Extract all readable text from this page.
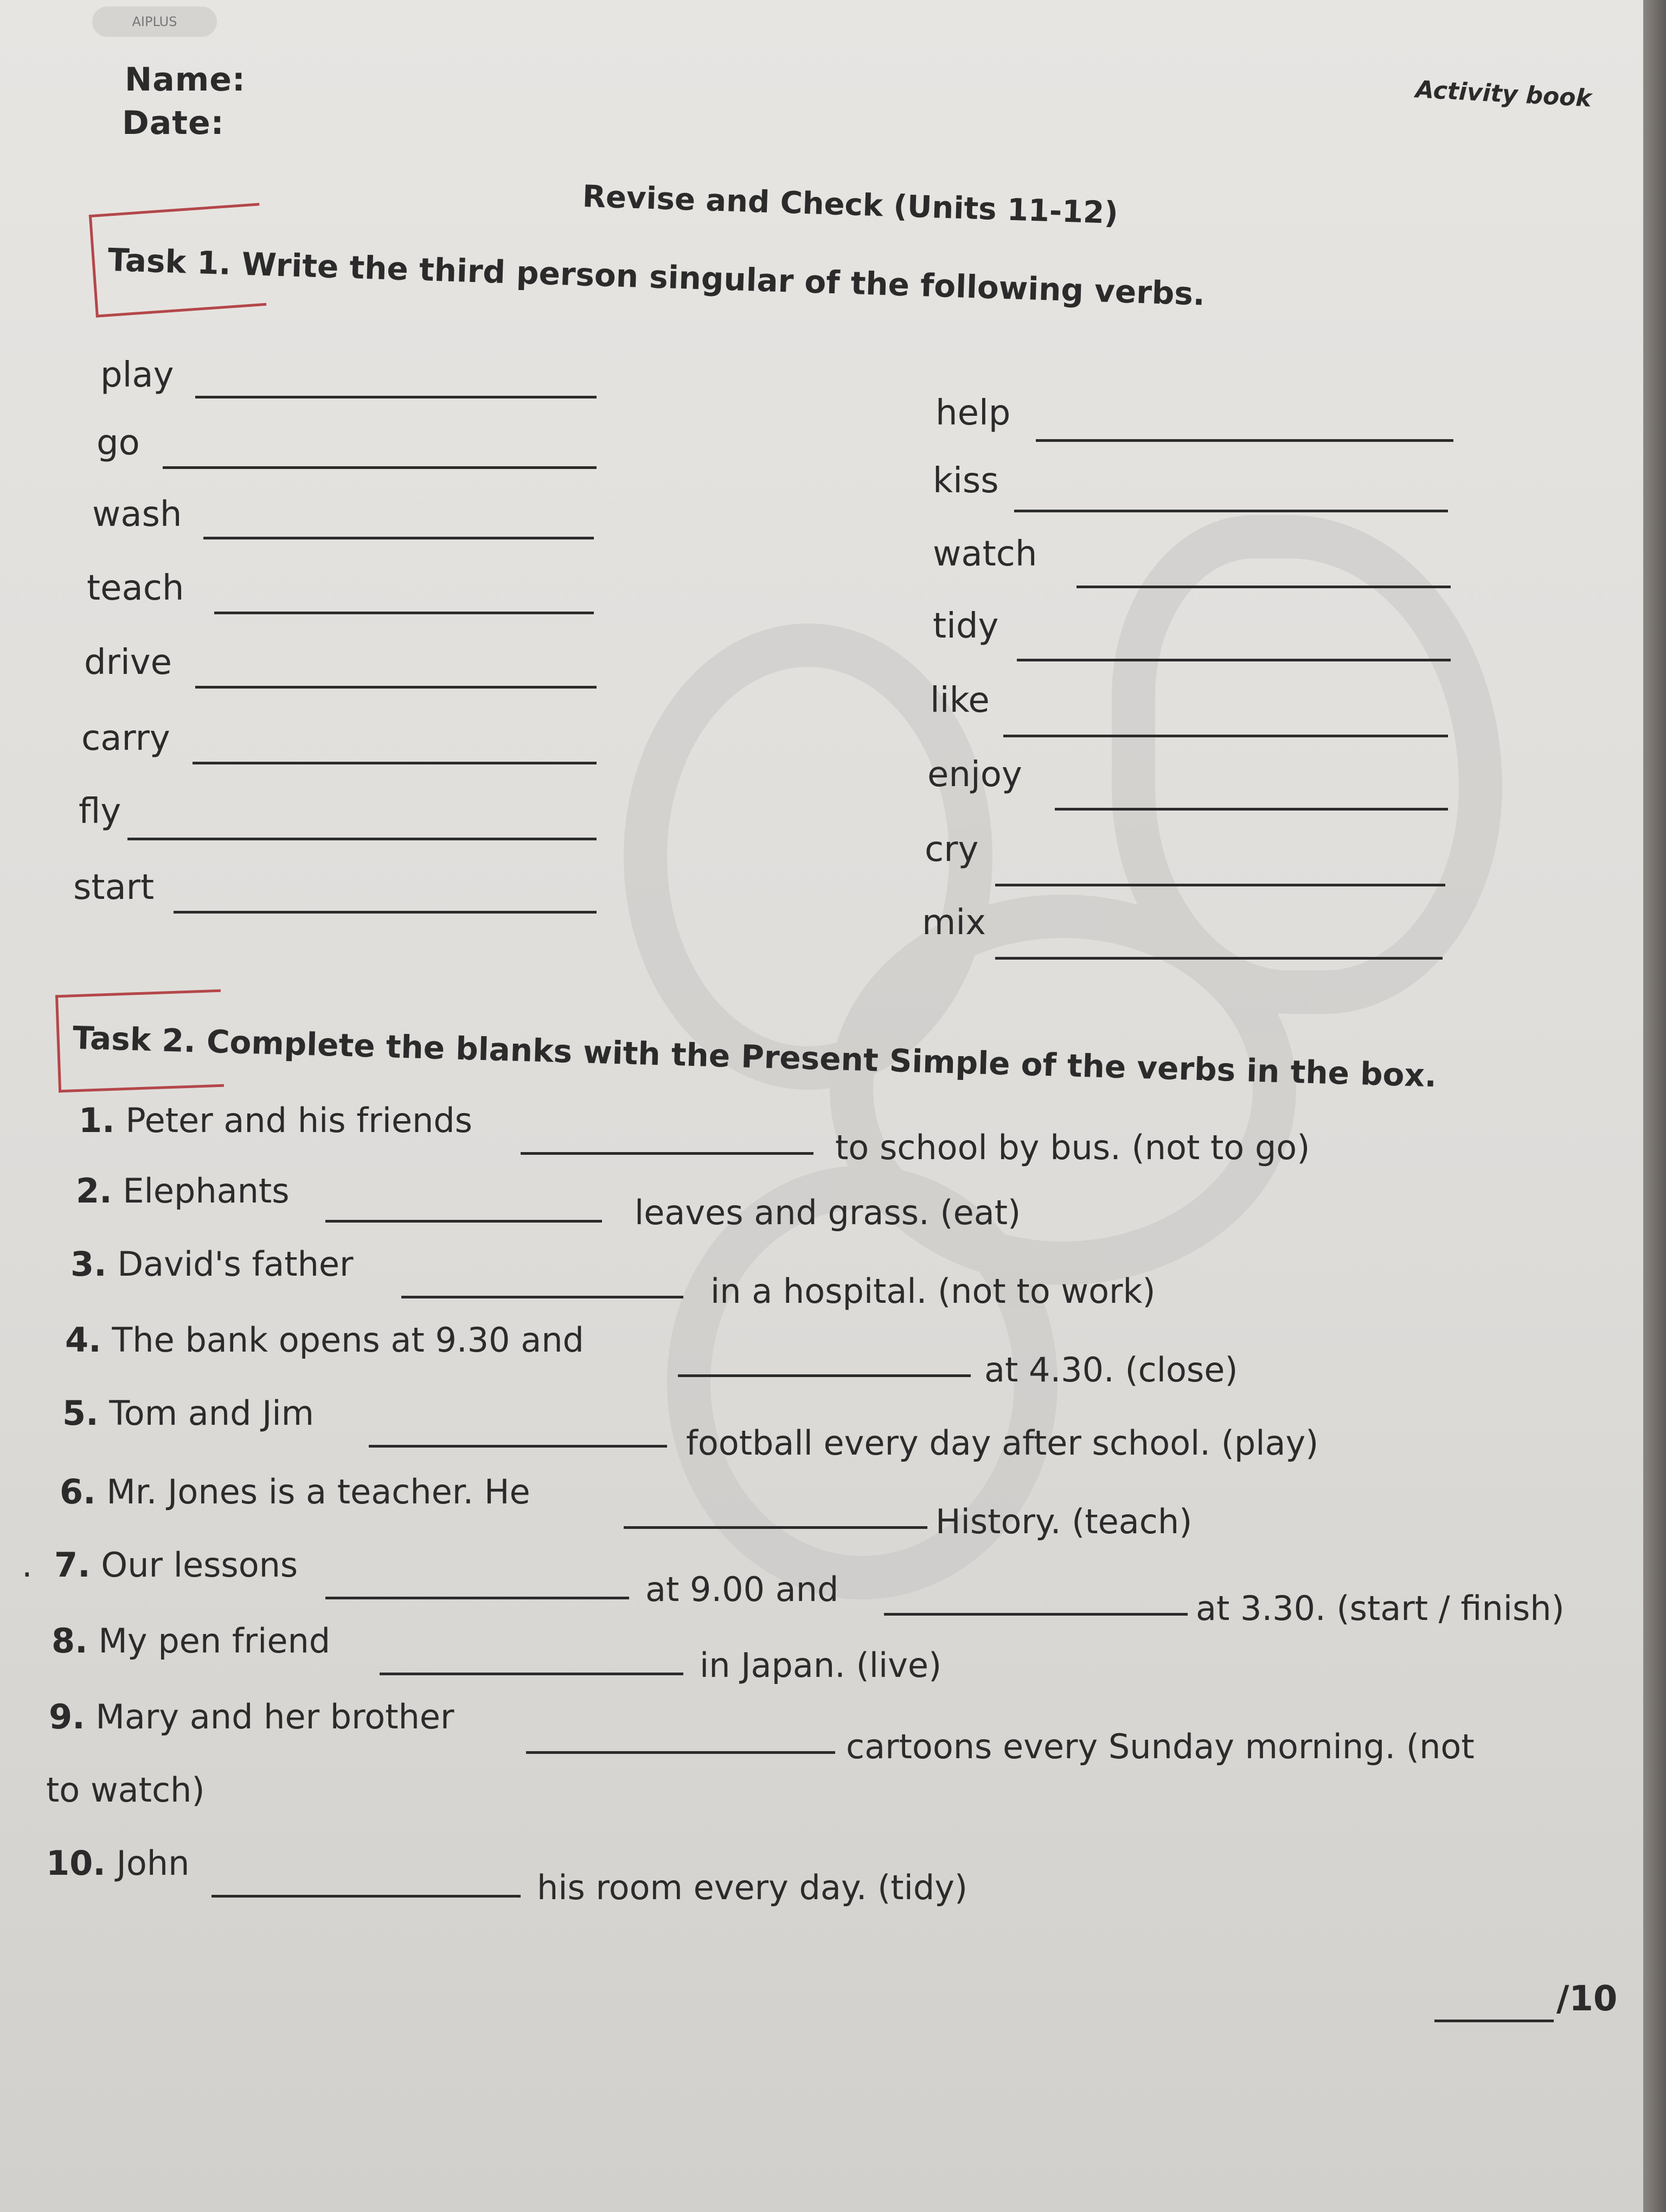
AIPLUS
Name:
Date:
Activity book
Revise and Check (Units 11-12)
Task 1. Write the third person singular of the following verbs.
play
go
wash
teach
drive
carry
fly
start
help
kiss
watch
tidy
like
enjoy
cry
mix
Task 2. Complete the blanks with the Present Simple of the verbs in the box.
1. Peter and his friends
to school by bus. (not to go)
2. Elephants
leaves and grass. (eat)
3. David's father
in a hospital. (not to work)
4. The bank opens at 9.30 and
at 4.30. (close)
5. Tom and Jim
football every day after school. (play)
6. Mr. Jones is a teacher. He
History. (teach)
. 7. Our lessons
at 9.00 and	at 3.30. (start / finish)
8. My pen friend
in Japan. (live)
9. Mary and her brother
cartoons every Sunday morning. (not
to watch)
10. John
his room every day. (tidy)
/10
